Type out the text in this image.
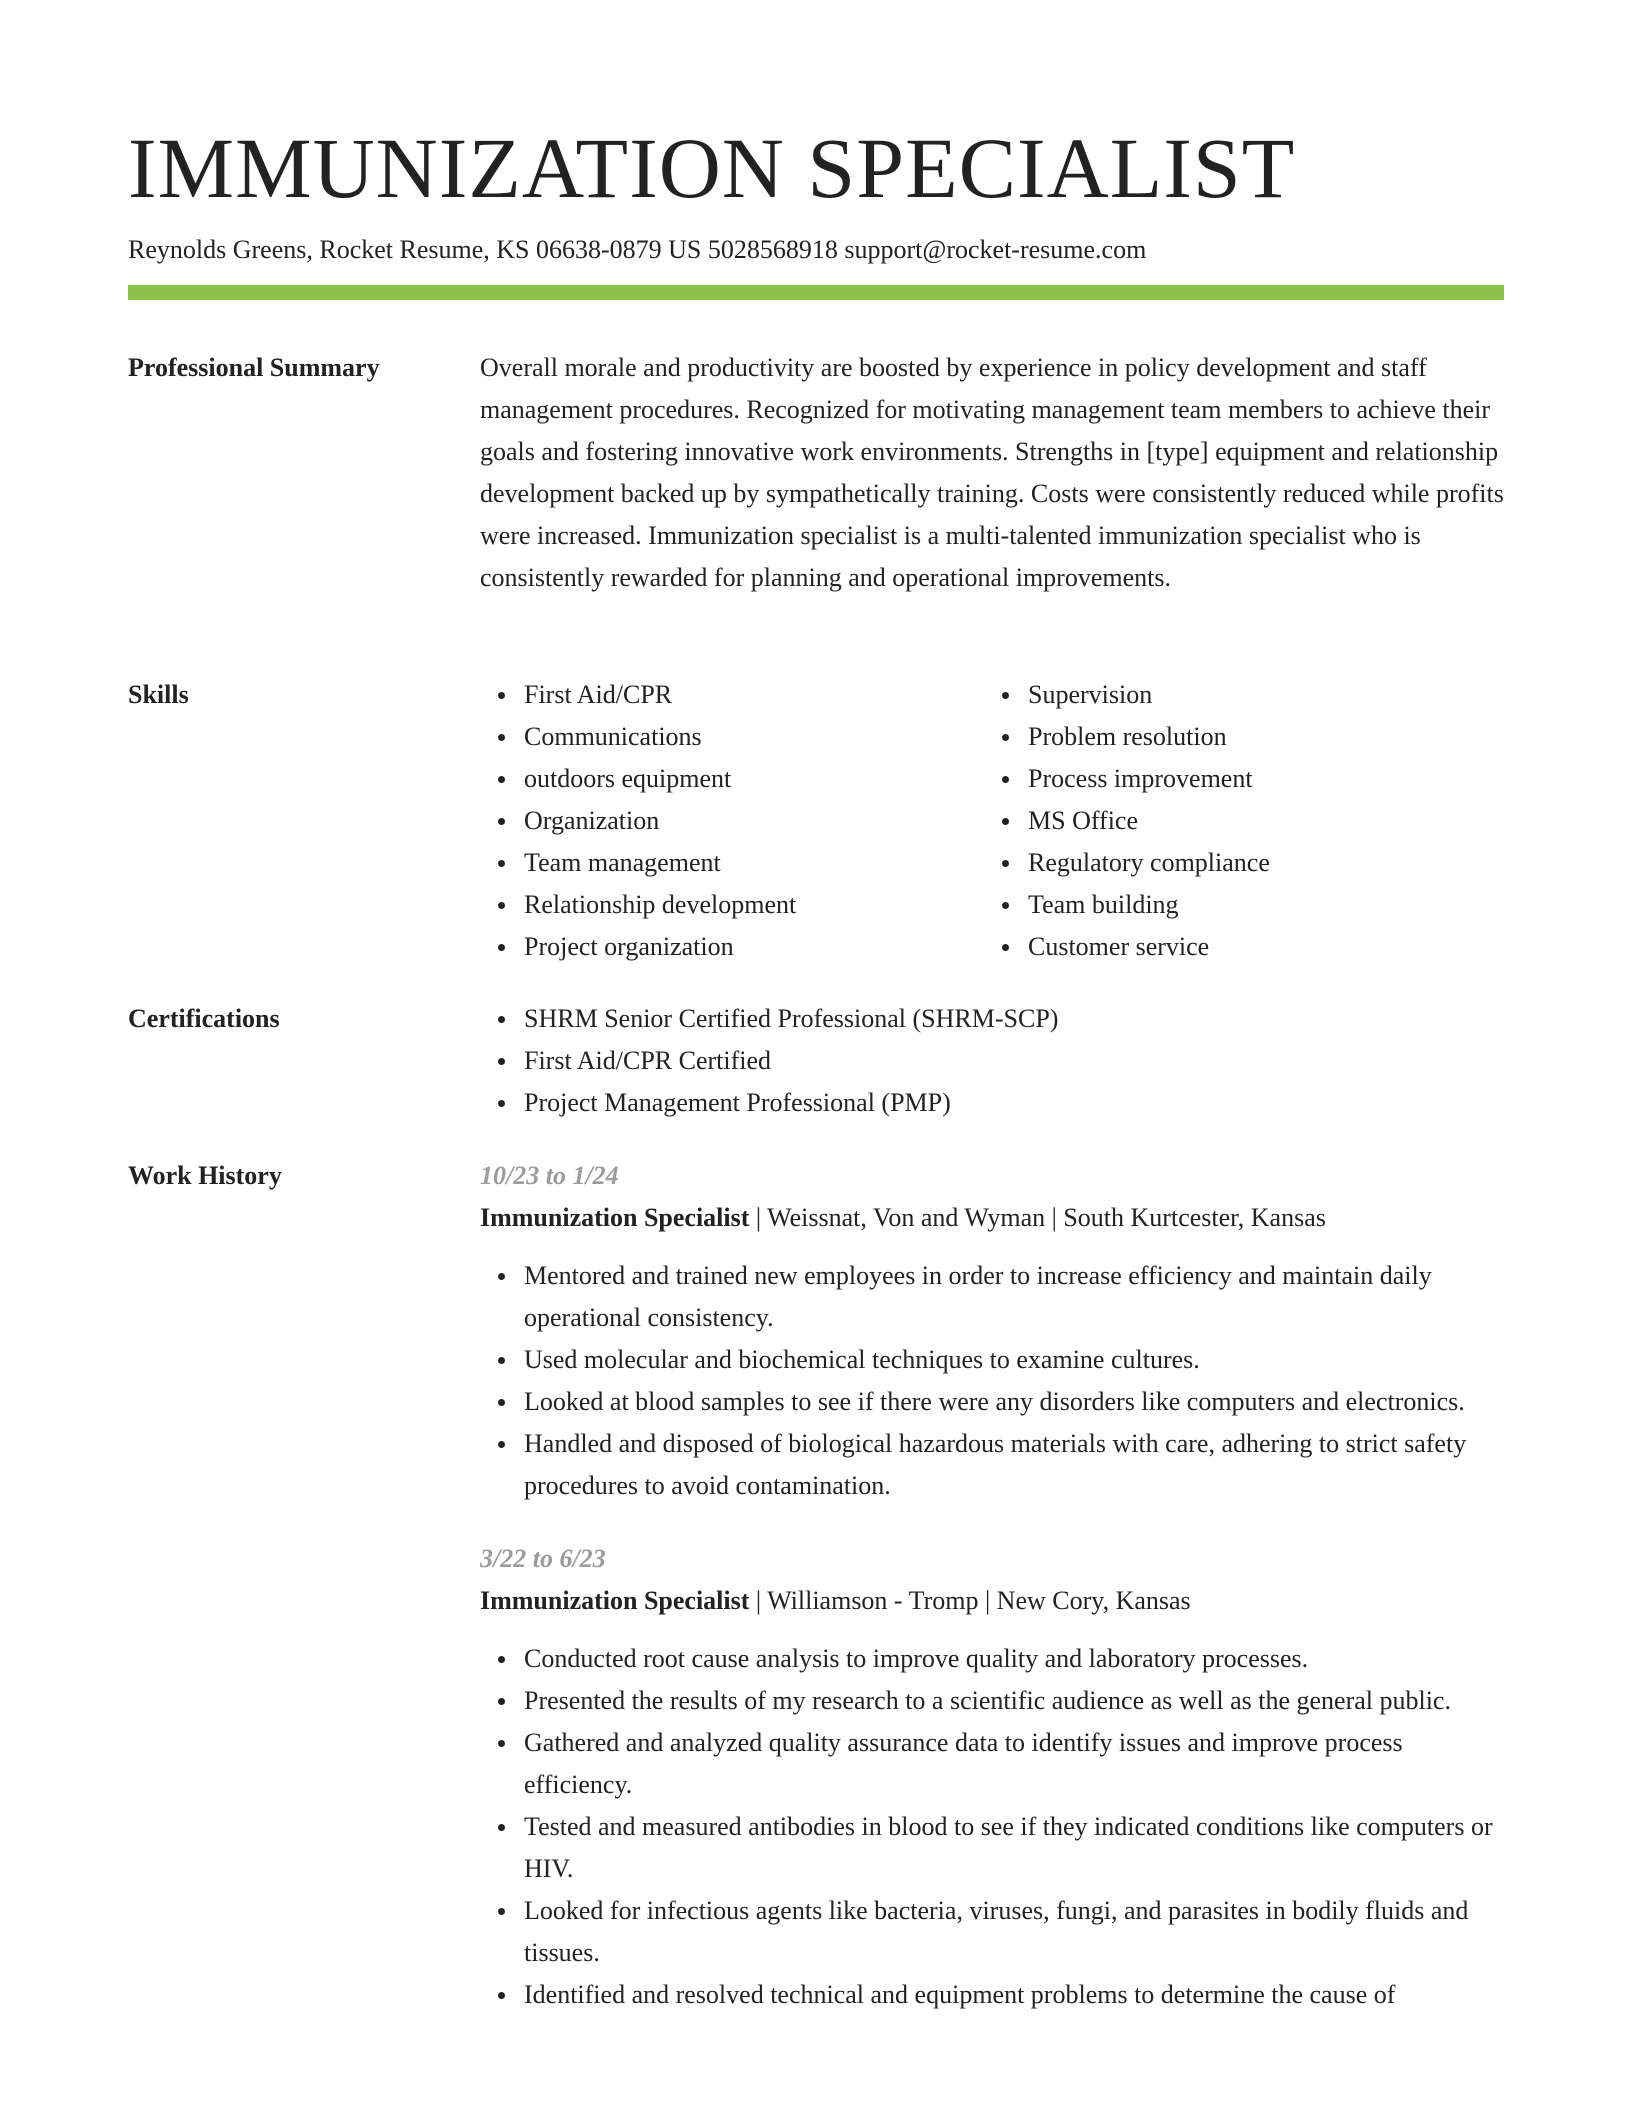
IMMUNIZATION SPECIALIST
Reynolds Greens, Rocket Resume, KS 06638-0879 US 5028568918 support@rocket-resume.com
Professional Summary	Overall morale and productivity are boosted by experience in policy development and staff management procedures. Recognized for motivating management team members to achieve their goals and fostering innovative work environments. Strengths in [type] equipment and relationship development backed up by sympathetically training. Costs were consistently reduced while profits were increased. Immunization specialist is a multi-talented immunization specialist who is consistently rewarded for planning and operational improvements.

Skills	First Aid/CPR
Communications
outdoors equipment
Organization
Team management
Relationship development
Project organization
Supervision
Problem resolution
Process improvement
MS Office
Regulatory compliance
Team building
Customer service
Certifications	SHRM Senior Certified Professional (SHRM-SCP)
First Aid/CPR Certified
Project Management Professional (PMP)
Work History	10/23 to 1/24
Immunization Specialist | Weissnat, Von and Wyman | South Kurtcester, Kansas
Mentored and trained new employees in order to increase efficiency and maintain daily operational consistency.
Used molecular and biochemical techniques to examine cultures.
Looked at blood samples to see if there were any disorders like computers and electronics.
Handled and disposed of biological hazardous materials with care, adhering to strict safety procedures to avoid contamination.
3/22 to 6/23
Immunization Specialist | Williamson - Tromp | New Cory, Kansas
Conducted root cause analysis to improve quality and laboratory processes.
Presented the results of my research to a scientific audience as well as the general public.
Gathered and analyzed quality assurance data to identify issues and improve process efficiency.
Tested and measured antibodies in blood to see if they indicated conditions like computers or HIV.
Looked for infectious agents like bacteria, viruses, fungi, and parasites in bodily fluids and tissues.
Identified and resolved technical and equipment problems to determine the cause of
